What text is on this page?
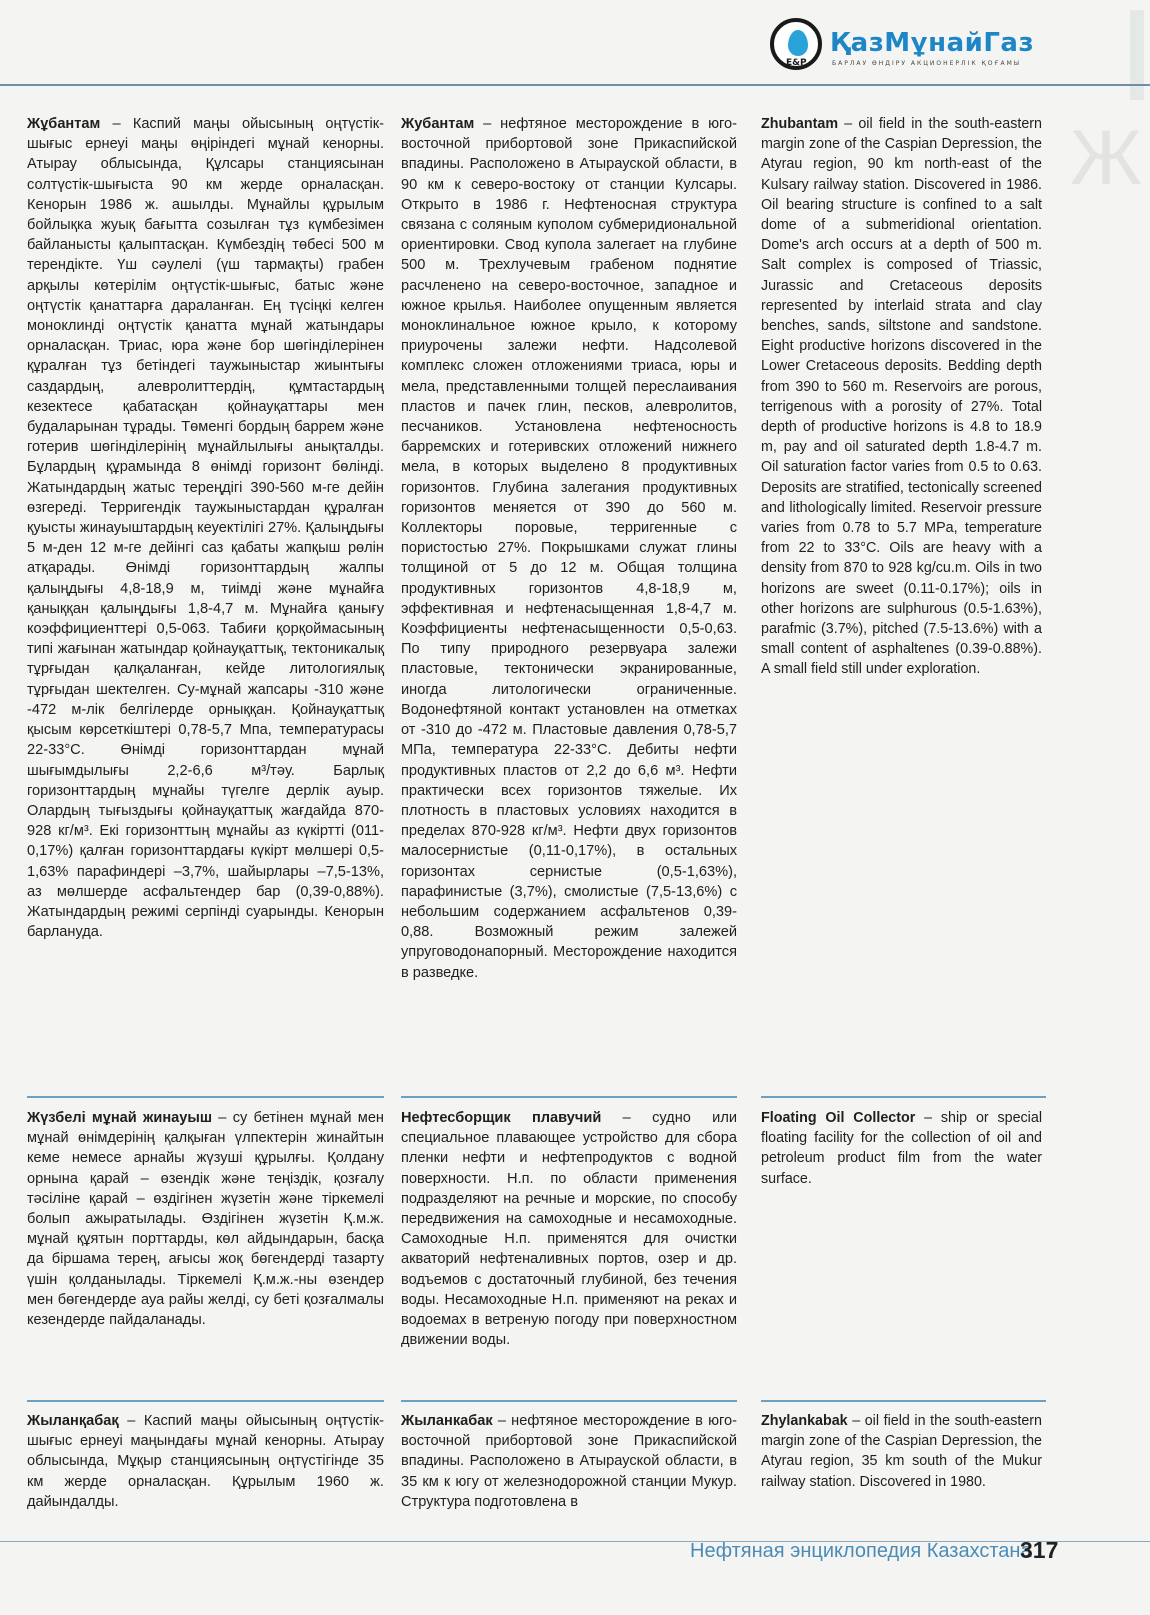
E&P
ҚазМұнайГаз
БАРЛАУ ӨНДІРУ АКЦИОНЕРЛІК ҚОҒАМЫ
Ж
Жұбантам – Каспий маңы ойысының оңтүстік-шығыс ернеуі маңы өңіріндегі мұнай кенорны. Атырау облысында, Құлсары станциясынан солтүстік-шығыста 90 км жерде орналасқан. Кенорын 1986 ж. ашылды. Мұнайлы құрылым бойлықка жуық бағытта созылған тұз күмбезімен байланысты қалыптасқан. Күмбездің төбесі 500 м терендікте. Үш сәулелі (үш тармақты) грабен арқылы көтерілім оңтүстік-шығыс, батыс және оңтүстік қанаттарға дараланған. Ең түсіңкі келген моноклинді оңтүстік қанатта мұнай жатындары орналасқан. Триас, юра және бор шөгінділерінен құралған тұз бетіндегі таужыныстар жиынтығы саздардың, алевролиттердің, құмтастардың кезектесе қабатасқан қойнауқаттары мен будаларынан тұрады. Төменгі бордың баррем және готерив шөгінділерінің мұнайлылығы анықталды. Бұлардың құрамында 8 өнімді горизонт бөлінді. Жатындардың жатыс тереңдігі 390-560 м-ге дейін өзгереді. Терригендік таужыныстардан құралған қуысты жинауыштардың кеуектілігі 27%. Қалыңдығы 5 м-ден 12 м-ге дейінгі саз қабаты жапқыш рөлін атқарады. Өнімді горизонттардың жалпы қалыңдығы 4,8-18,9 м, тиімді және мұнайға қаныққан қалыңдығы 1,8-4,7 м. Мұнайға қанығу коэффициенттері 0,5-063. Табиғи қорқоймасының типі жағынан жатындар қойнауқаттық, тектоникалық тұрғыдан қалқаланған, кейде литологиялық тұрғыдан шектелген. Су-мұнай жапсары -310 және -472 м-лік белгілерде орныққан. Қойнауқаттық қысым көрсеткіштері 0,78-5,7 Мпа, температурасы 22-33°С. Өнімді горизонттардан мұнай шығымдылығы 2,2-6,6 м³/тәу. Барлық горизонттардың мұнайы түгелге дерлік ауыр. Олардың тығыздығы қойнауқаттық жағдайда 870-928 кг/м³. Екі горизонттың мұнайы аз күкіртті (011-0,17%) қалған горизонттардағы күкірт мөлшері 0,5-1,63% парафиндері –3,7%, шайырлары –7,5-13%, аз мөлшерде асфальтендер бар (0,39-0,88%). Жатындардың режимі серпінді суарынды. Кенорын барлануда.
Жубантам – нефтяное месторождение в юго-восточной прибортовой зоне Прикаспийской впадины. Расположено в Атырауской области, в 90 км к северо-востоку от станции Кулсары. Открыто в 1986 г. Нефтеносная структура связана с соляным куполом субмеридиональной ориентировки. Свод купола залегает на глубине 500 м. Трехлучевым грабеном поднятие расчленено на северо-восточное, западное и южное крылья. Наиболее опущенным является моноклинальное южное крыло, к которому приурочены залежи нефти. Надсолевой комплекс сложен отложениями триаса, юры и мела, представленными толщей переслаивания пластов и пачек глин, песков, алевролитов, песчаников. Установлена нефтеносность барремских и готеривских отложений нижнего мела, в которых выделено 8 продуктивных горизонтов. Глубина залегания продуктивных горизонтов меняется от 390 до 560 м. Коллекторы поровые, терригенные с пористостью 27%. Покрышками служат глины толщиной от 5 до 12 м. Общая толщина продуктивных горизонтов 4,8-18,9 м, эффективная и нефтенасыщенная 1,8-4,7 м. Коэффициенты нефтенасыщенности 0,5-0,63. По типу природного резервуара залежи пластовые, тектонически экранированные, иногда литологически ограниченные. Водонефтяной контакт установлен на отметках от -310 до -472 м. Пластовые давления 0,78-5,7 МПа, температура 22-33°С. Дебиты нефти продуктивных пластов от 2,2 до 6,6 м³. Нефти практически всех горизонтов тяжелые. Их плотность в пластовых условиях находится в пределах 870-928 кг/м³. Нефти двух горизонтов малосернистые (0,11-0,17%), в остальных горизонтах сернистые (0,5-1,63%), парафинистые (3,7%), смолистые (7,5-13,6%) с небольшим содержанием асфальтенов 0,39-0,88. Возможный режим залежей упруговодонапорный. Месторождение находится в разведке.
Zhubantam – oil field in the south-eastern margin zone of the Caspian Depression, the Atyrau region, 90 km north-east of the Kulsary railway station. Discovered in 1986. Oil bearing structure is confined to a salt dome of a submeridional orientation. Dome's arch occurs at a depth of 500 m. Salt complex is composed of Triassic, Jurassic and Cretaceous deposits represented by interlaid strata and clay benches, sands, siltstone and sandstone. Eight productive horizons discovered in the Lower Cretaceous deposits. Bedding depth from 390 to 560 m. Reservoirs are porous, terrigenous with a porosity of 27%. Total depth of productive horizons is 4.8 to 18.9 m, pay and oil saturated depth 1.8-4.7 m. Oil saturation factor varies from 0.5 to 0.63. Deposits are stratified, tectonically screened and lithologically limited. Reservoir pressure varies from 0.78 to 5.7 MPa, temperature from 22 to 33°C. Oils are heavy with a density from 870 to 928 kg/cu.m. Oils in two horizons are sweet (0.11-0.17%); oils in other horizons are sulphurous (0.5-1.63%), parafmic (3.7%), pitched (7.5-13.6%) with a small content of asphaltenes (0.39-0.88%). A small field still under exploration.
Жүзбелі мұнай жинауыш – су бетінен мұнай мен мұнай өнімдерінің қалқыған үлпектерін жинайтын кеме немесе арнайы жүзуші құрылғы. Қолдану орнына қарай – өзендік және теңіздік, қозғалу тәсіліне қарай – өздігінен жүзетін және тіркемелі болып ажыратылады. Өздігінен жүзетін Қ.м.ж. мұнай құятын порттарды, көл айдындарын, басқа да біршама терең, ағысы жоқ бөгендерді тазарту үшін қолданылады. Тіркемелі Қ.м.ж.-ны өзендер мен бөгендерде ауа райы желді, су беті қозғалмалы кезендерде пайдаланады.
Нефтесборщик плавучий – судно или специальное плавающее устройство для сбора пленки нефти и нефтепродуктов с водной поверхности. Н.п. по области применения подразделяют на речные и морские, по способу передвижения на самоходные и несамоходные. Самоходные Н.п. применятся для очистки акваторий нефтеналивных портов, озер и др. водъемов с достаточный глубиной, без течения воды. Несамоходные Н.п. применяют на реках и водоемах в ветреную погоду при поверхностном движении воды.
Floating Oil Collector – ship or special floating facility for the collection of oil and petroleum product film from the water surface.
Жыланқабақ – Каспий маңы ойысының оңтүстік-шығыс ернеуі маңындағы мұнай кенорны. Атырау облысында, Мұқыр станциясының оңтүстігінде 35 км жерде орналасқан. Құрылым 1960 ж. дайындалды.
Жыланкабак – нефтяное месторождение в юго-восточной прибортовой зоне Прикаспийской впадины. Расположено в Атырауской области, в 35 км к югу от железнодорожной станции Мукур. Структура подготовлена в
Zhylankabak – oil field in the south-eastern margin zone of the Caspian Depression, the Atyrau region, 35 km south of the Mukur railway station. Discovered in 1980.
Нефтяная энциклопедия Казахстана
317
